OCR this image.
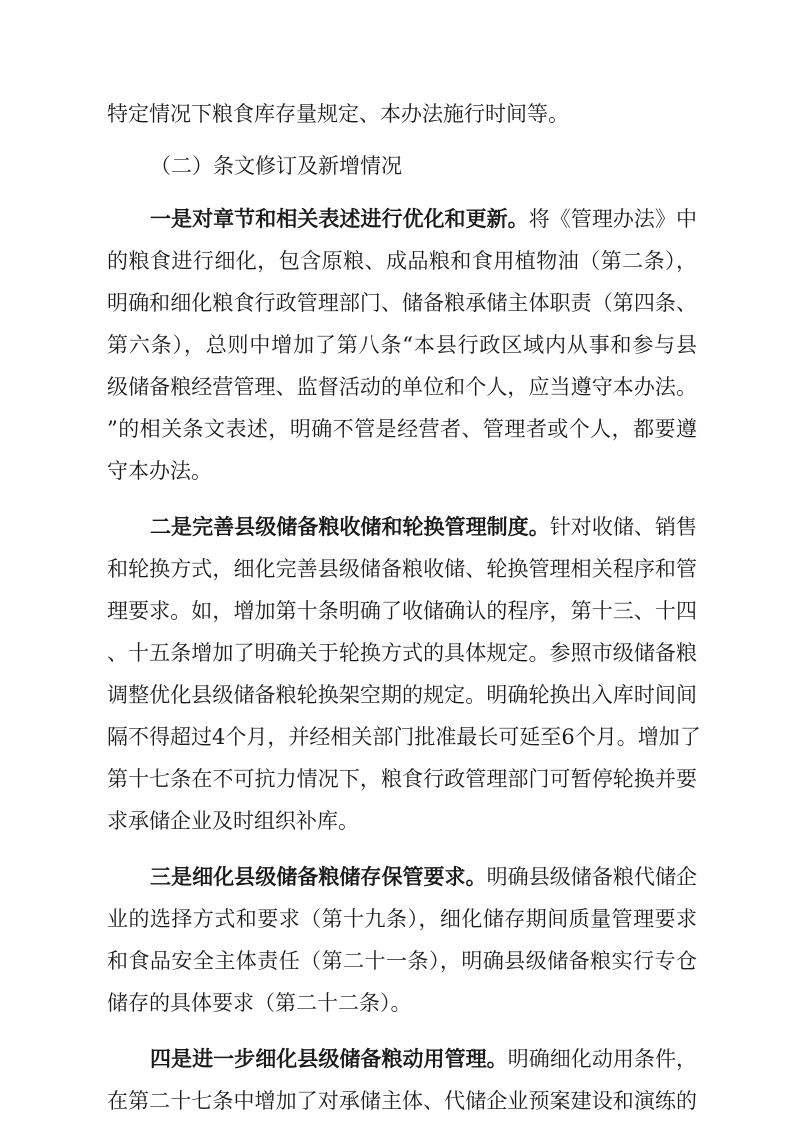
特定情况下粮食库存量规定、本办法施行时间等。
（二）条文修订及新增情况
一是对章节和相关表述进行优化和更新。将《管理办法》中
的粮食进行细化，包含原粮、成品粮和食用植物油（第二条），
明确和细化粮食行政管理部门、储备粮承储主体职责（第四条、
第六条），总则中增加了第八条“本县行政区域内从事和参与县
级储备粮经营管理、监督活动的单位和个人，应当遵守本办法。
”的相关条文表述，明确不管是经营者、管理者或个人，都要遵
守本办法。
二是完善县级储备粮收储和轮换管理制度。针对收储、销售
和轮换方式，细化完善县级储备粮收储、轮换管理相关程序和管
理要求。如，增加第十条明确了收储确认的程序，第十三、十四
、十五条增加了明确关于轮换方式的具体规定。参照市级储备粮
调整优化县级储备粮轮换架空期的规定。明确轮换出入库时间间
隔不得超过4个月，并经相关部门批准最长可延至6个月。增加了
第十七条在不可抗力情况下，粮食行政管理部门可暂停轮换并要
求承储企业及时组织补库。
三是细化县级储备粮储存保管要求。明确县级储备粮代储企
业的选择方式和要求（第十九条），细化储存期间质量管理要求
和食品安全主体责任（第二十一条），明确县级储备粮实行专仓
储存的具体要求（第二十二条）。
四是进一步细化县级储备粮动用管理。明确细化动用条件，
在第二十七条中增加了对承储主体、代储企业预案建设和演练的
